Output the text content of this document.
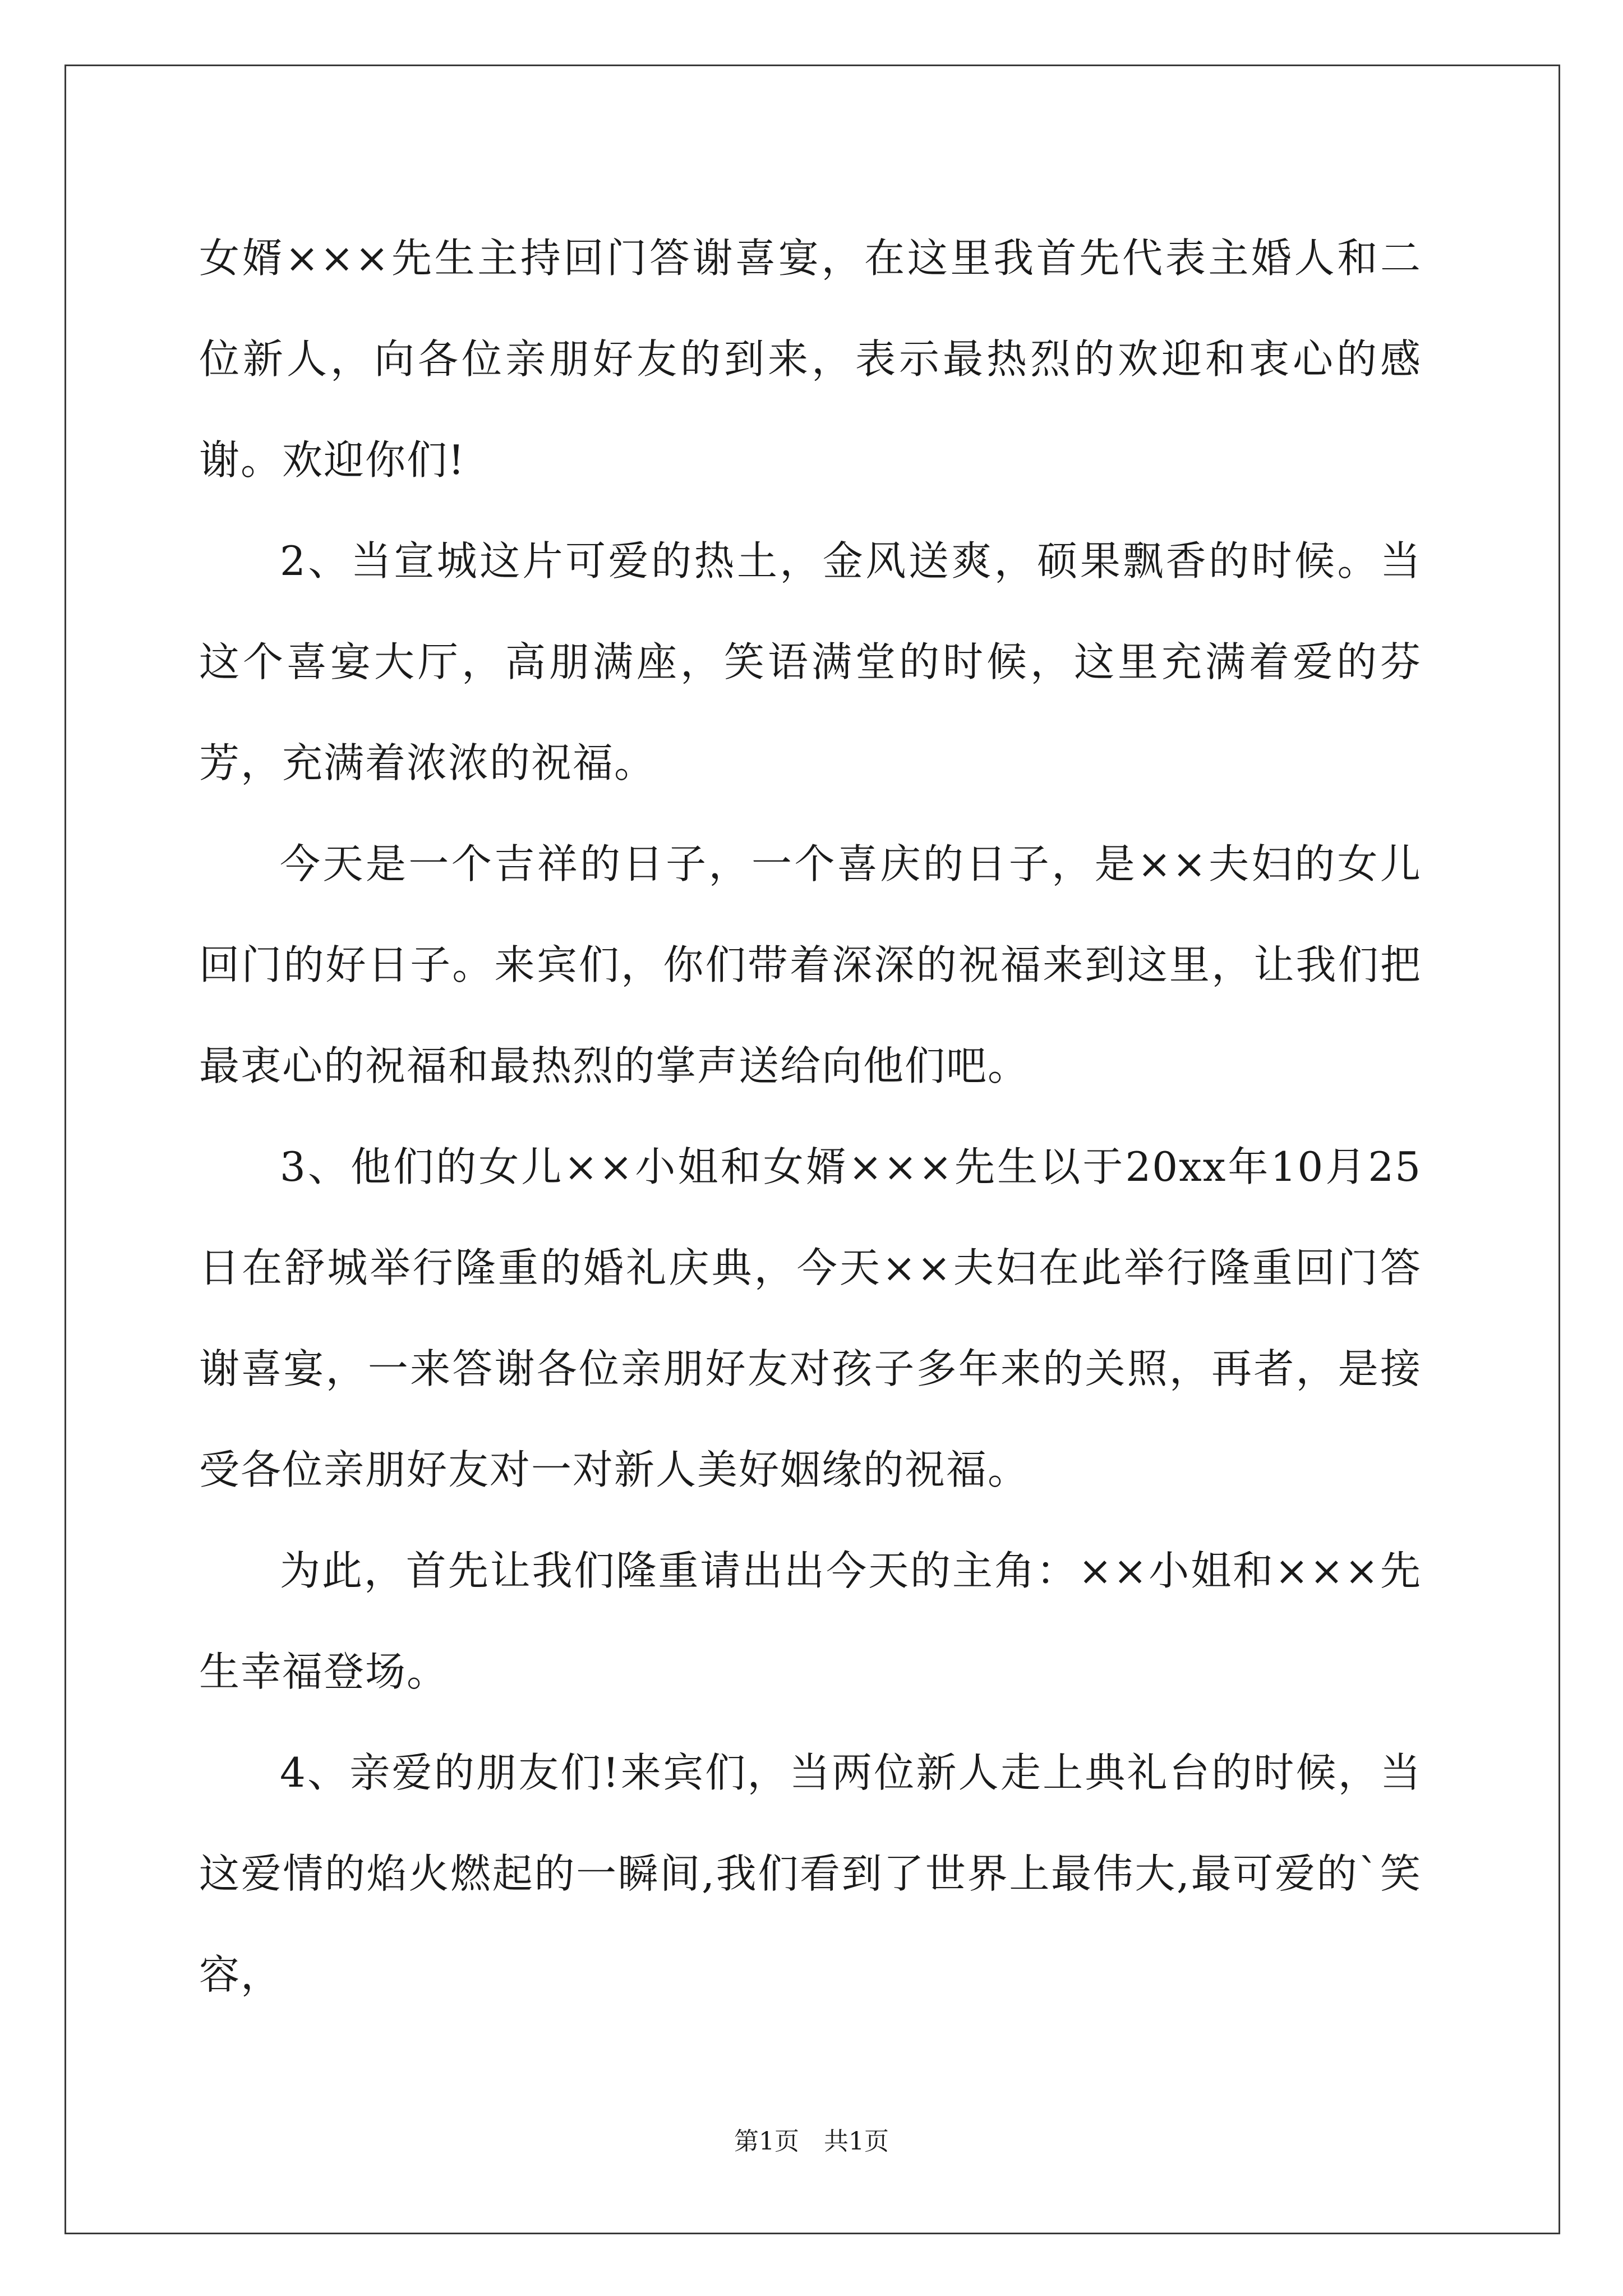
女婿×××先生主持回门答谢喜宴，在这里我首先代表主婚人和二位新人，向各位亲朋好友的到来，表示最热烈的欢迎和衷心的感谢。欢迎你们!

2、当宣城这片可爱的热土，金风送爽，硕果飘香的时候。当这个喜宴大厅，高朋满座，笑语满堂的时候，这里充满着爱的芬芳，充满着浓浓的祝福。

今天是一个吉祥的日子，一个喜庆的日子，是××夫妇的女儿回门的好日子。来宾们，你们带着深深的祝福来到这里，让我们把最衷心的祝福和最热烈的掌声送给向他们吧。

3、他们的女儿××小姐和女婿×××先生以于20xx年10月25日在舒城举行隆重的婚礼庆典，今天××夫妇在此举行隆重回门答谢喜宴，一来答谢各位亲朋好友对孩子多年来的关照，再者，是接受各位亲朋好友对一对新人美好姻缘的祝福。

为此，首先让我们隆重请出出今天的主角：××小姐和×××先生幸福登场。

4、亲爱的朋友们!来宾们，当两位新人走上典礼台的时候，当这爱情的焰火燃起的一瞬间,我们看到了世界上最伟大,最可爱的`笑容，

第1页　共1页
